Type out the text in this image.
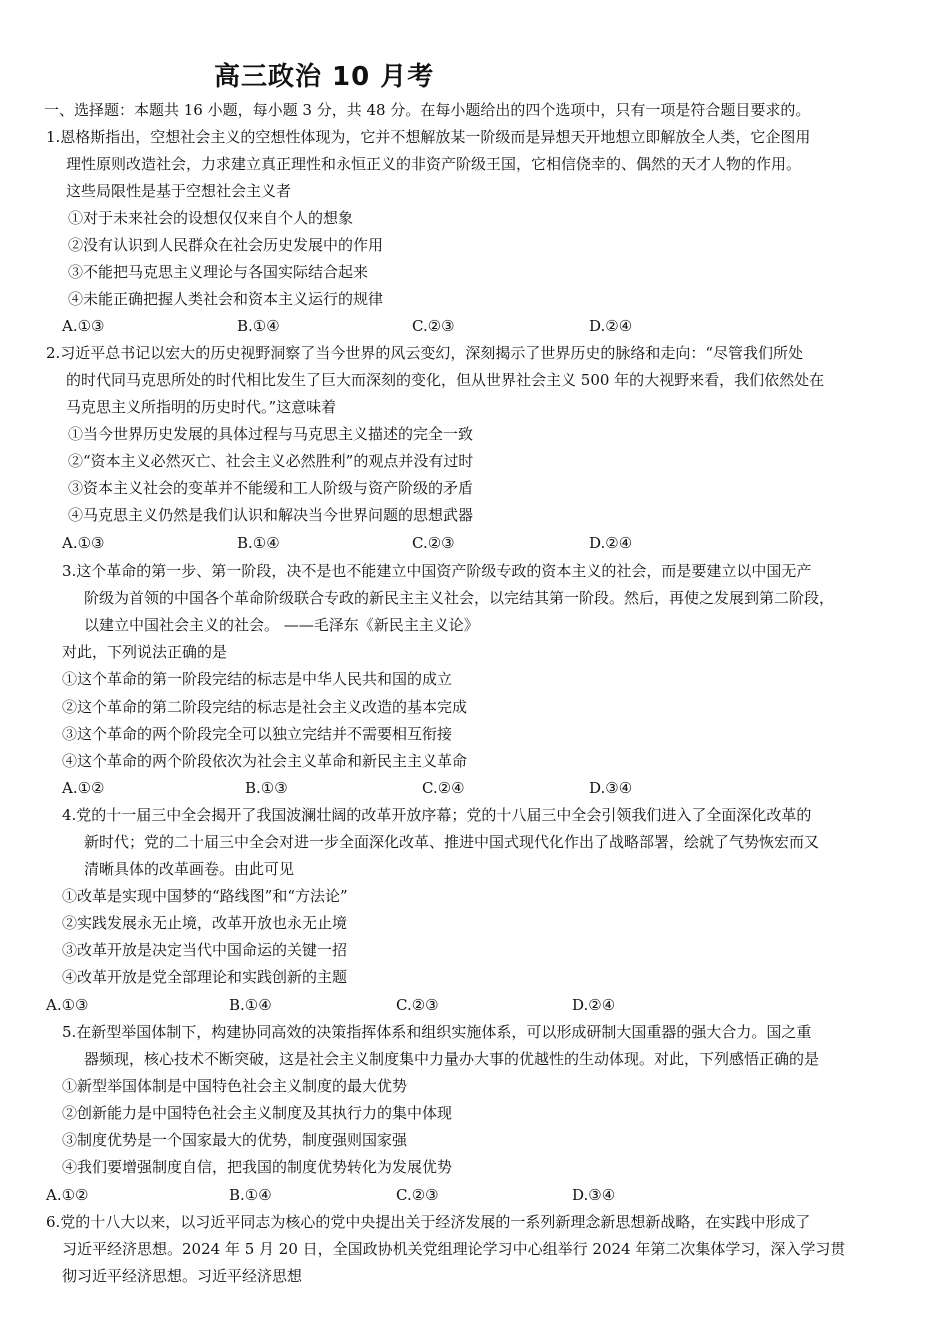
高三政治 10 月考
一、选择题：本题共 16 小题，每小题 3 分，共 48 分。在每小题给出的四个选项中，只有一项是符合题目要求的。
1.恩格斯指出，空想社会主义的空想性体现为，它并不想解放某一阶级而是异想天开地想立即解放全人类，它企图用
理性原则改造社会，力求建立真正理性和永恒正义的非资产阶级王国，它相信侥幸的、偶然的天才人物的作用。
这些局限性是基于空想社会主义者
①对于未来社会的设想仅仅来自个人的想象
②没有认识到人民群众在社会历史发展中的作用
③不能把马克思主义理论与各国实际结合起来
④未能正确把握人类社会和资本主义运行的规律
A.①③	B.①④	C.②③	D.②④
2.习近平总书记以宏大的历史视野洞察了当今世界的风云变幻，深刻揭示了世界历史的脉络和走向：“尽管我们所处
的时代同马克思所处的时代相比发生了巨大而深刻的变化，但从世界社会主义 500 年的大视野来看，我们依然处在
马克思主义所指明的历史时代。”这意味着
①当今世界历史发展的具体过程与马克思主义描述的完全一致
②“资本主义必然灭亡、社会主义必然胜利”的观点并没有过时
③资本主义社会的变革并不能缓和工人阶级与资产阶级的矛盾
④马克思主义仍然是我们认识和解决当今世界问题的思想武器
A.①③	B.①④	C.②③	D.②④
3.这个革命的第一步、第一阶段，决不是也不能建立中国资产阶级专政的资本主义的社会，而是要建立以中国无产
阶级为首领的中国各个革命阶级联合专政的新民主主义社会，以完结其第一阶段。然后，再使之发展到第二阶段，
以建立中国社会主义的社会。 ——毛泽东《新民主主义论》
对此，下列说法正确的是
①这个革命的第一阶段完结的标志是中华人民共和国的成立
②这个革命的第二阶段完结的标志是社会主义改造的基本完成
③这个革命的两个阶段完全可以独立完结并不需要相互衔接
④这个革命的两个阶段依次为社会主义革命和新民主主义革命
A.①②	B.①③	C.②④	D.③④
4.党的十一届三中全会揭开了我国波澜壮阔的改革开放序幕；党的十八届三中全会引领我们进入了全面深化改革的
新时代；党的二十届三中全会对进一步全面深化改革、推进中国式现代化作出了战略部署，绘就了气势恢宏而又
清晰具体的改革画卷。由此可见
①改革是实现中国梦的“路线图”和“方法论”
②实践发展永无止境，改革开放也永无止境
③改革开放是决定当代中国命运的关键一招
④改革开放是党全部理论和实践创新的主题
A.①③	B.①④	C.②③	D.②④
5.在新型举国体制下，构建协同高效的决策指挥体系和组织实施体系，可以形成研制大国重器的强大合力。国之重
器频现，核心技术不断突破，这是社会主义制度集中力量办大事的优越性的生动体现。对此，下列感悟正确的是
①新型举国体制是中国特色社会主义制度的最大优势
②创新能力是中国特色社会主义制度及其执行力的集中体现
③制度优势是一个国家最大的优势，制度强则国家强
④我们要增强制度自信，把我国的制度优势转化为发展优势
A.①②	B.①④	C.②③	D.③④
6.党的十八大以来，以习近平同志为核心的党中央提出关于经济发展的一系列新理念新思想新战略，在实践中形成了
习近平经济思想。2024 年 5 月 20 日，全国政协机关党组理论学习中心组举行 2024 年第二次集体学习，深入学习贯
彻习近平经济思想。习近平经济思想
